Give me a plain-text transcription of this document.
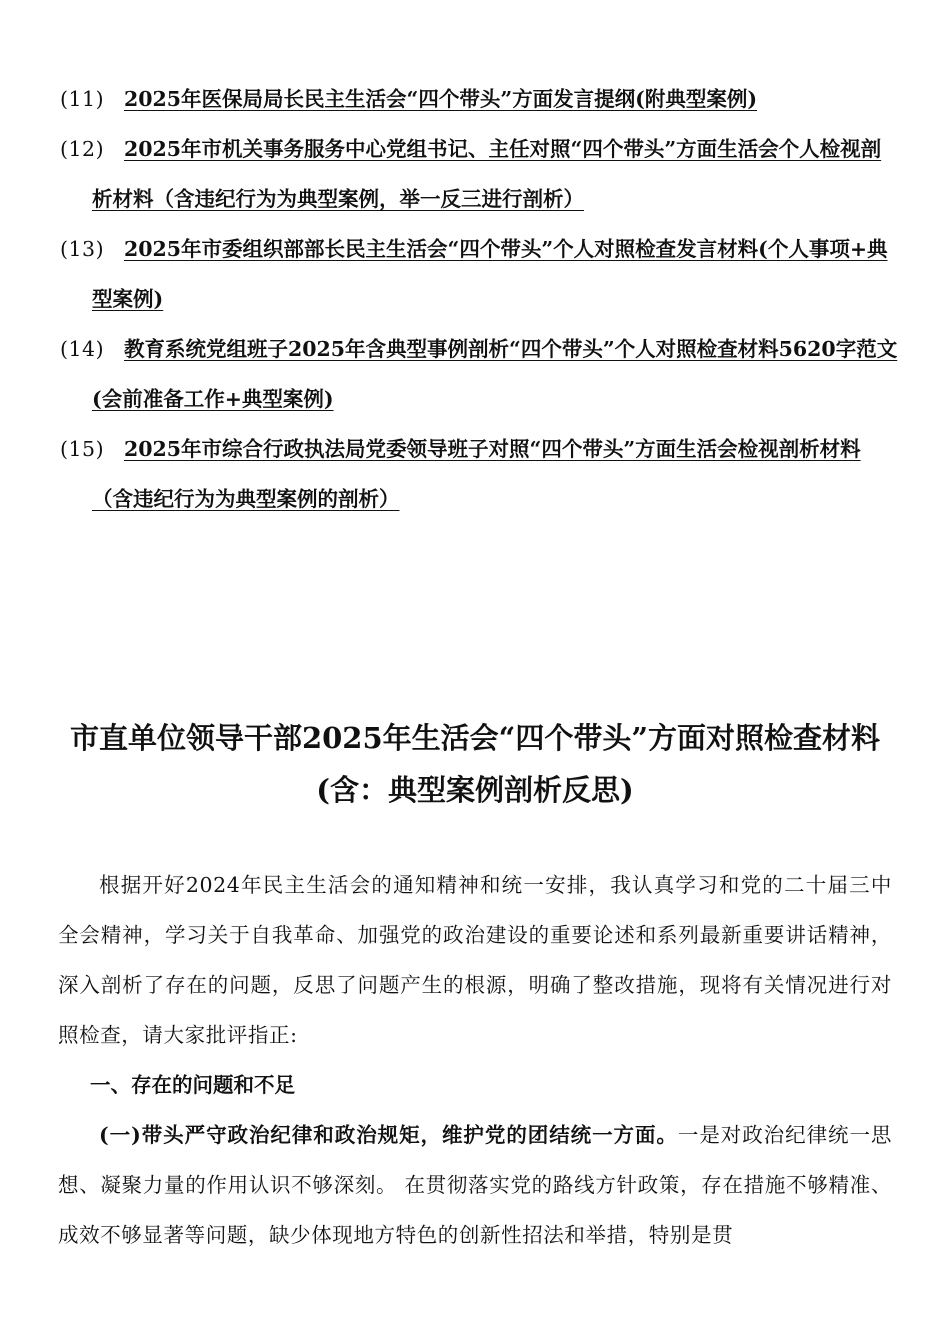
(11) 2025年医保局局长民主生活会“四个带头”方面发言提纲(附典型案例)
(12) 2025年市机关事务服务中心党组书记、主任对照“四个带头”方面生活会个人检视剖析材料（含违纪行为为典型案例，举一反三进行剖析）
(13) 2025年市委组织部部长民主生活会“四个带头”个人对照检查发言材料(个人事项+典型案例)
(14) 教育系统党组班子2025年含典型事例剖析“四个带头”个人对照检查材料5620字范文(会前准备工作+典型案例)
(15) 2025年市综合行政执法局党委领导班子对照“四个带头”方面生活会检视剖析材料（含违纪行为为典型案例的剖析）
市直单位领导干部2025年生活会“四个带头”方面对照检查材料
(含：典型案例剖析反思)

根据开好2024年民主生活会的通知精神和统一安排，我认真学习和党的二十届三中全会精神，学习关于自我革命、加强党的政治建设的重要论述和系列最新重要讲话精神，深入剖析了存在的问题，反思了问题产生的根源，明确了整改措施，现将有关情况进行对照检查，请大家批评指正:

一、存在的问题和不足

(一)带头严守政治纪律和政治规矩，维护党的团结统一方面。一是对政治纪律统一思想、凝聚力量的作用认识不够深刻。 在贯彻落实党的路线方针政策，存在措施不够精准、成效不够显著等问题，缺少体现地方特色的创新性招法和举措，特别是贯
